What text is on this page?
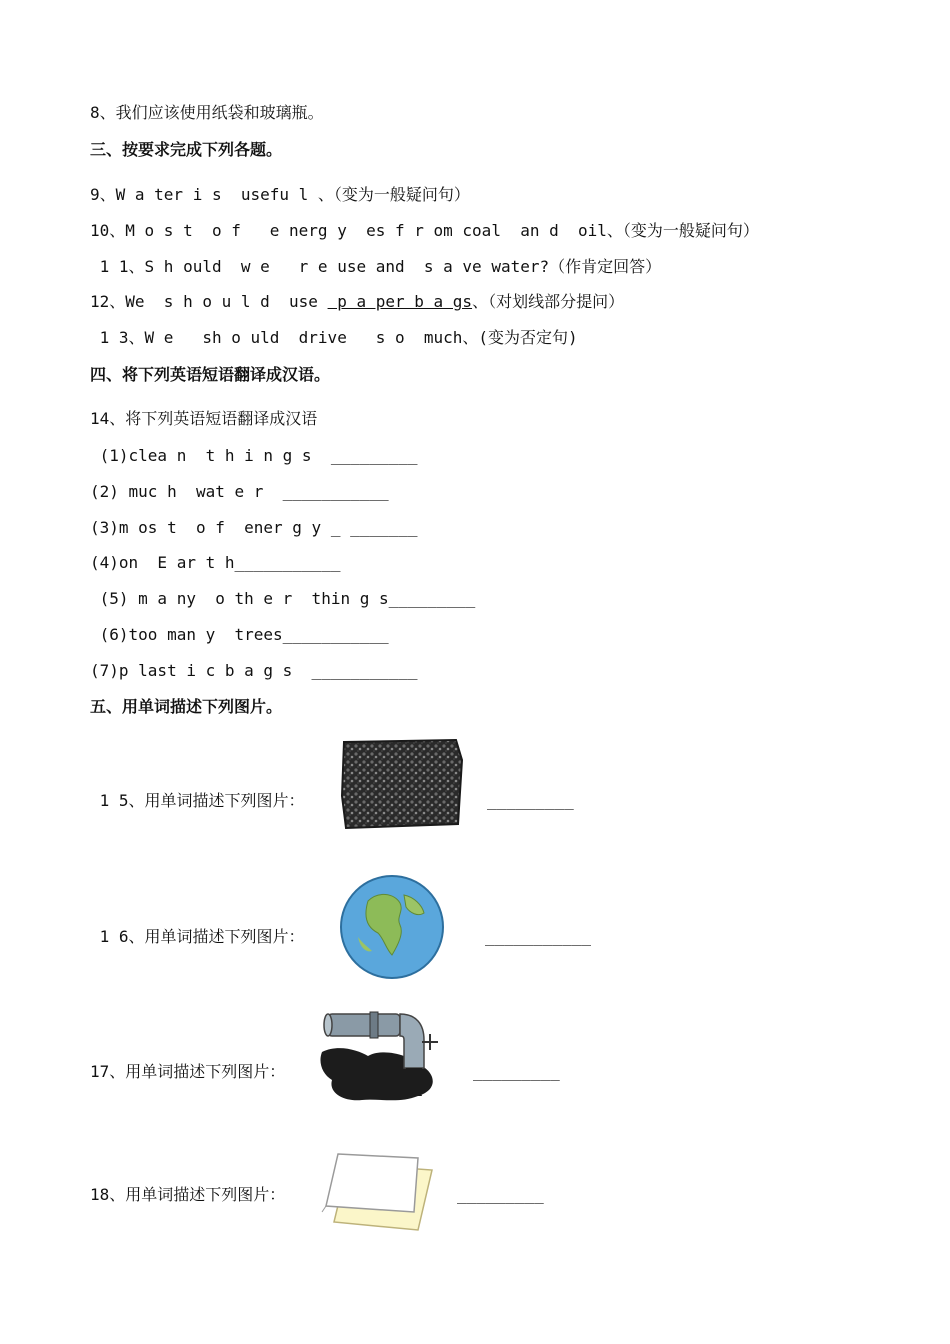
8、我们应该使用纸袋和玻璃瓶。
三、按要求完成下列各题。
9、W a ter i s  usefu l 、（变为一般疑问句）
10、M o s t  o f   e nerg y  es f r om coal  an d  oil、（变为一般疑问句）
1 1、S h ould  w e   r e use and  s a ve water?（作肯定回答）
12、We  s h o u l d  use  p a per b a gs、（对划线部分提问）
1 3、W e   sh o uld  drive   s o  much、(变为否定句)
四、将下列英语短语翻译成汉语。
14、将下列英语短语翻译成汉语
(1)clea n  t h i n g s  _________
(2) muc h  wat e r  ___________
(3)m os t  o f  ener g y _ _______
(4)on  E ar t h___________
(5) m a ny  o th e r  thin g s_________
(6)too man y  trees___________
(7)p last i c b a g s  ___________
五、用单词描述下列图片。
1 5、用单词描述下列图片：	_________
1 6、用单词描述下列图片：	___________
17、用单词描述下列图片：	_________
18、用单词描述下列图片：	_________
